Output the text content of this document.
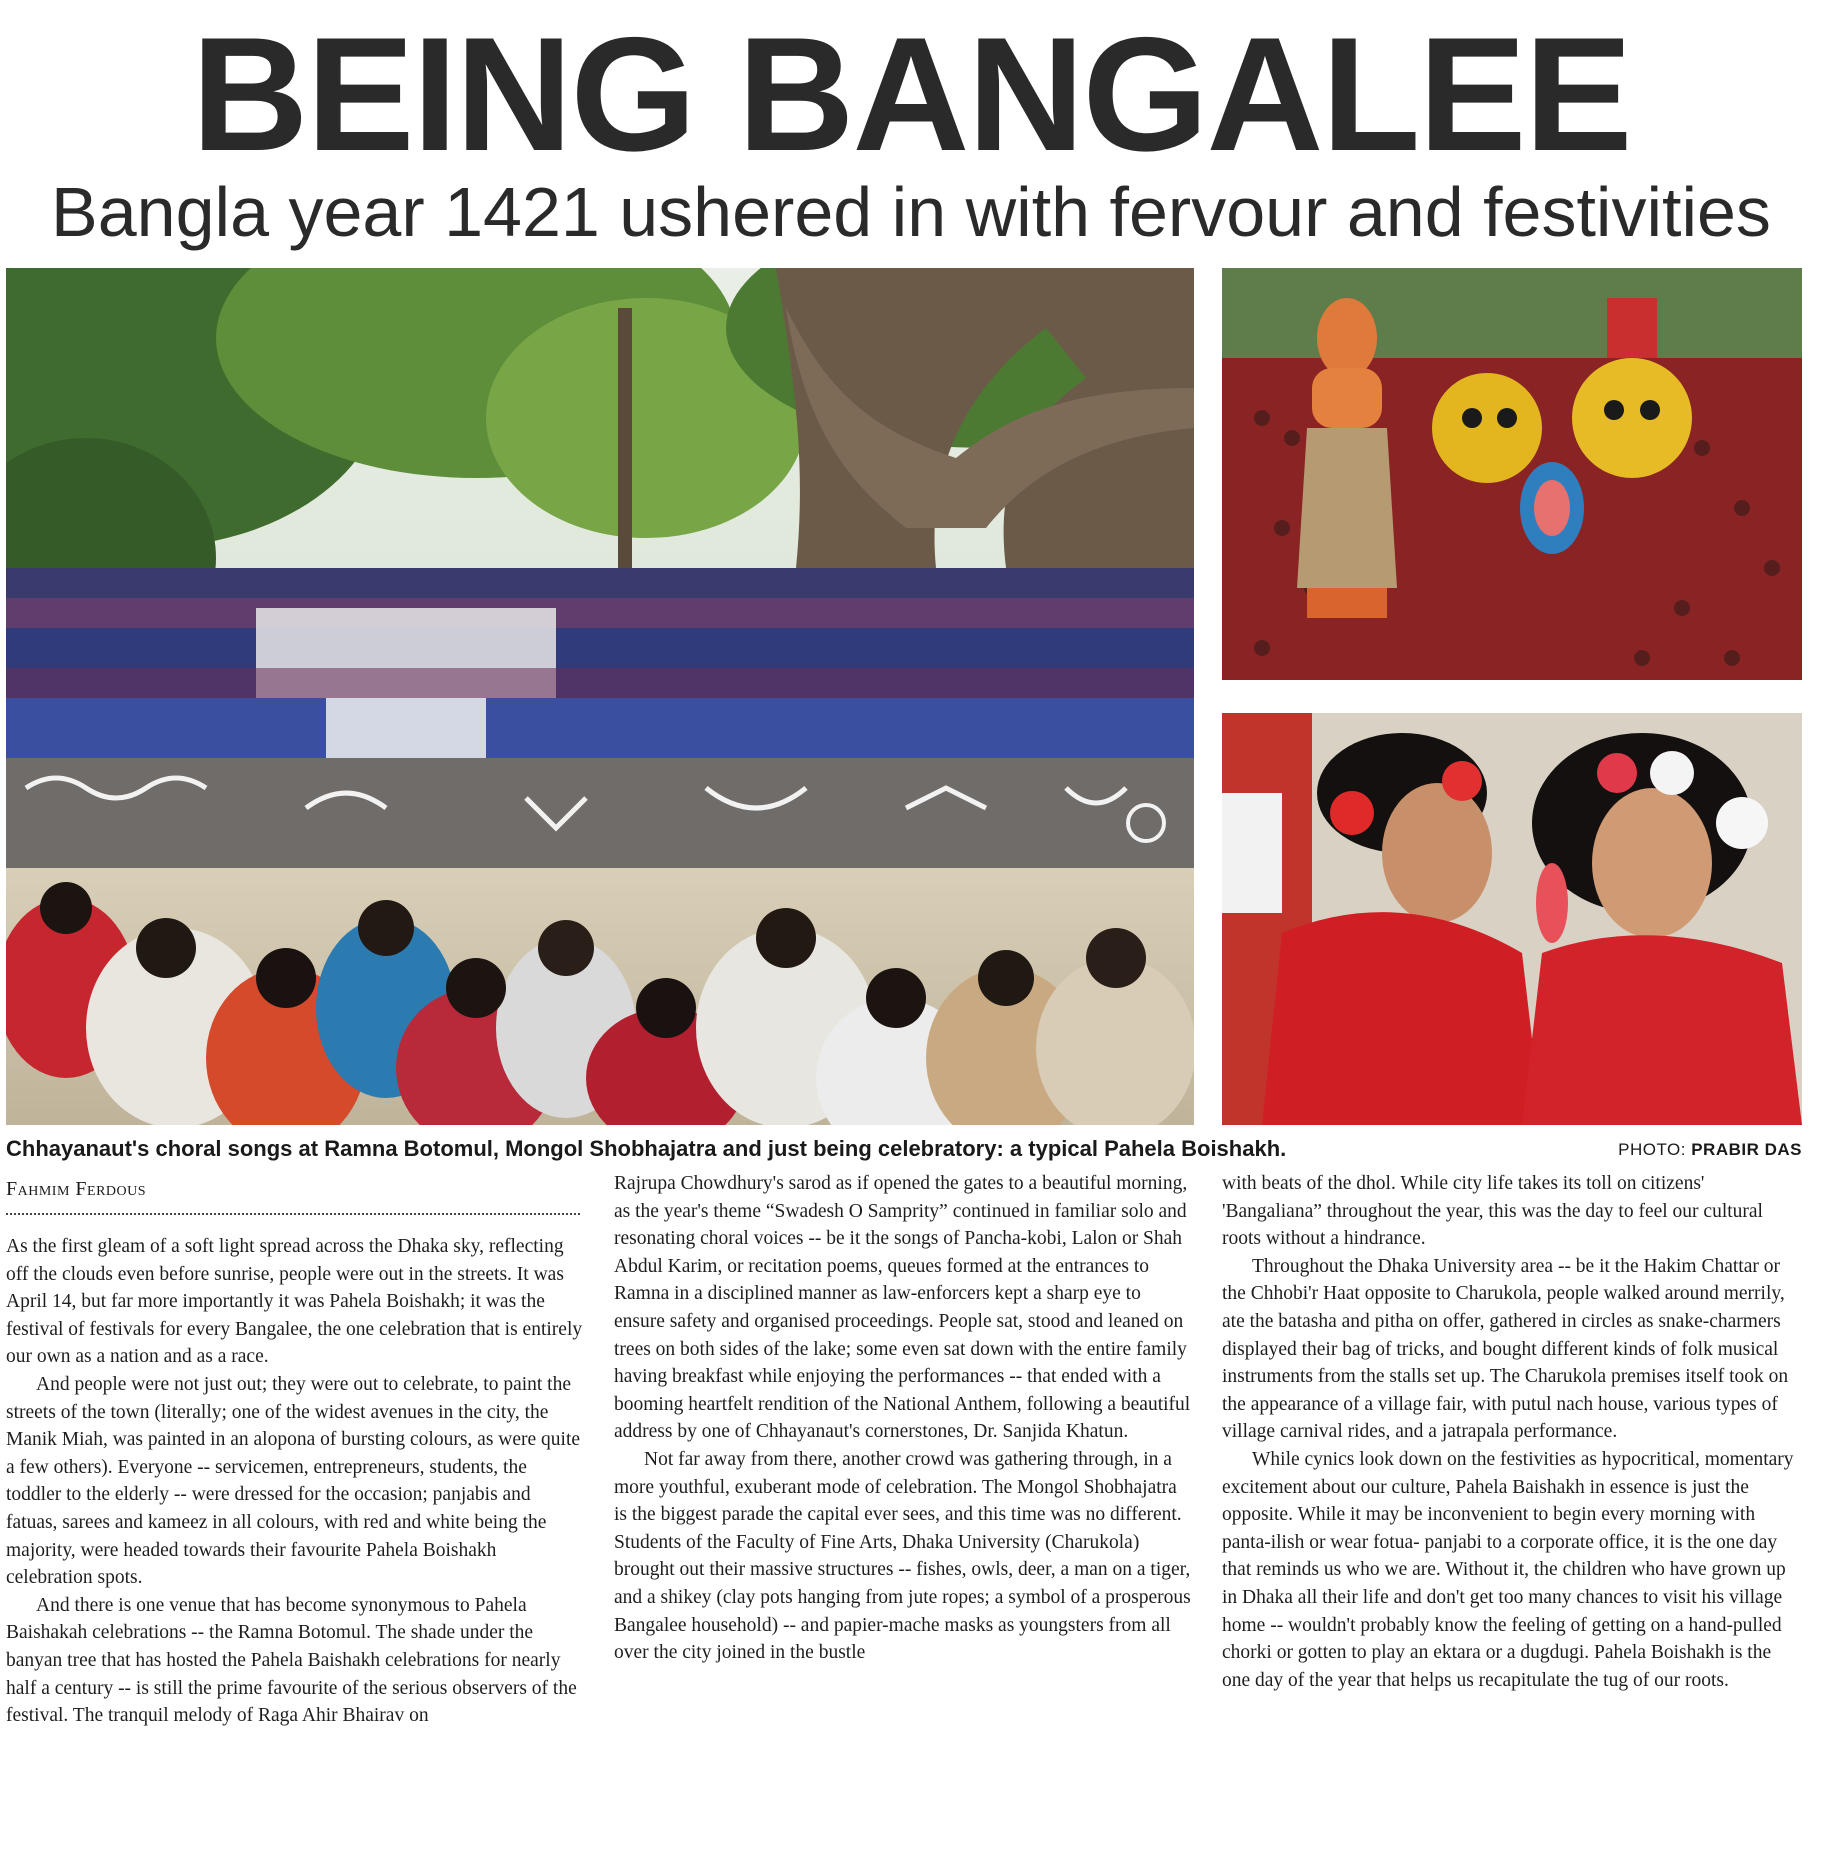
BEING BANGALEE
Bangla year 1421 ushered in with fervour and festivities
Chhayanaut's choral songs at Ramna Botomul, Mongol Shobhajatra and just being celebratory: a typical Pahela Boishakh.	PHOTO: PRABIR DAS
Fahmim Ferdous

As the first gleam of a soft light spread across the Dhaka sky, reflecting off the clouds even before sunrise, people were out in the streets. It was April 14, but far more importantly it was Pahela Boishakh; it was the festival of festivals for every Bangalee, the one celebration that is entirely our own as a nation and as a race.

And people were not just out; they were out to celebrate, to paint the streets of the town (literally; one of the widest avenues in the city, the Manik Miah, was painted in an alopona of bursting colours, as were quite a few others). Everyone -- servicemen, entrepreneurs, students, the toddler to the elderly -- were dressed for the occasion; panjabis and fatuas, sarees and kameez in all colours, with red and white being the majority, were headed towards their favourite Pahela Boishakh celebration spots.

And there is one venue that has become synonymous to Pahela Baishakah celebrations -- the Ramna Botomul. The shade under the banyan tree that has hosted the Pahela Baishakh celebrations for nearly half a century -- is still the prime favourite of the serious observers of the festival. The tranquil melody of Raga Ahir Bhairav on

Rajrupa Chowdhury's sarod as if opened the gates to a beautiful morning, as the year's theme “Swadesh O Samprity” continued in familiar solo and resonating choral voices -- be it the songs of Pancha-kobi, Lalon or Shah Abdul Karim, or recitation poems, queues formed at the entrances to Ramna in a disciplined manner as law-enforcers kept a sharp eye to ensure safety and organised proceedings. People sat, stood and leaned on trees on both sides of the lake; some even sat down with the entire family having breakfast while enjoying the performances -- that ended with a booming heartfelt rendition of the National Anthem, following a beautiful address by one of Chhayanaut's cornerstones, Dr. Sanjida Khatun.

Not far away from there, another crowd was gathering through, in a more youthful, exuberant mode of celebration. The Mongol Shobhajatra is the biggest parade the capital ever sees, and this time was no different. Students of the Faculty of Fine Arts, Dhaka University (Charukola) brought out their massive structures -- fishes, owls, deer, a man on a tiger, and a shikey (clay pots hanging from jute ropes; a symbol of a prosperous Bangalee household) -- and papier-mache masks as youngsters from all over the city joined in the bustle

with beats of the dhol. While city life takes its toll on citizens' 'Bangaliana” throughout the year, this was the day to feel our cultural roots without a hindrance.

Throughout the Dhaka University area -- be it the Hakim Chattar or the Chhobi'r Haat opposite to Charukola, people walked around merrily, ate the batasha and pitha on offer, gathered in circles as snake-charmers displayed their bag of tricks, and bought different kinds of folk musical instruments from the stalls set up. The Charukola premises itself took on the appearance of a village fair, with putul nach house, various types of village carnival rides, and a jatrapala performance.

While cynics look down on the festivities as hypocritical, momentary excitement about our culture, Pahela Baishakh in essence is just the opposite. While it may be inconvenient to begin every morning with panta-ilish or wear fotua- panjabi to a corporate office, it is the one day that reminds us who we are. Without it, the children who have grown up in Dhaka all their life and don't get too many chances to visit his village home -- wouldn't probably know the feeling of getting on a hand-pulled chorki or gotten to play an ektara or a dugdugi. Pahela Boishakh is the one day of the year that helps us recapitulate the tug of our roots.
